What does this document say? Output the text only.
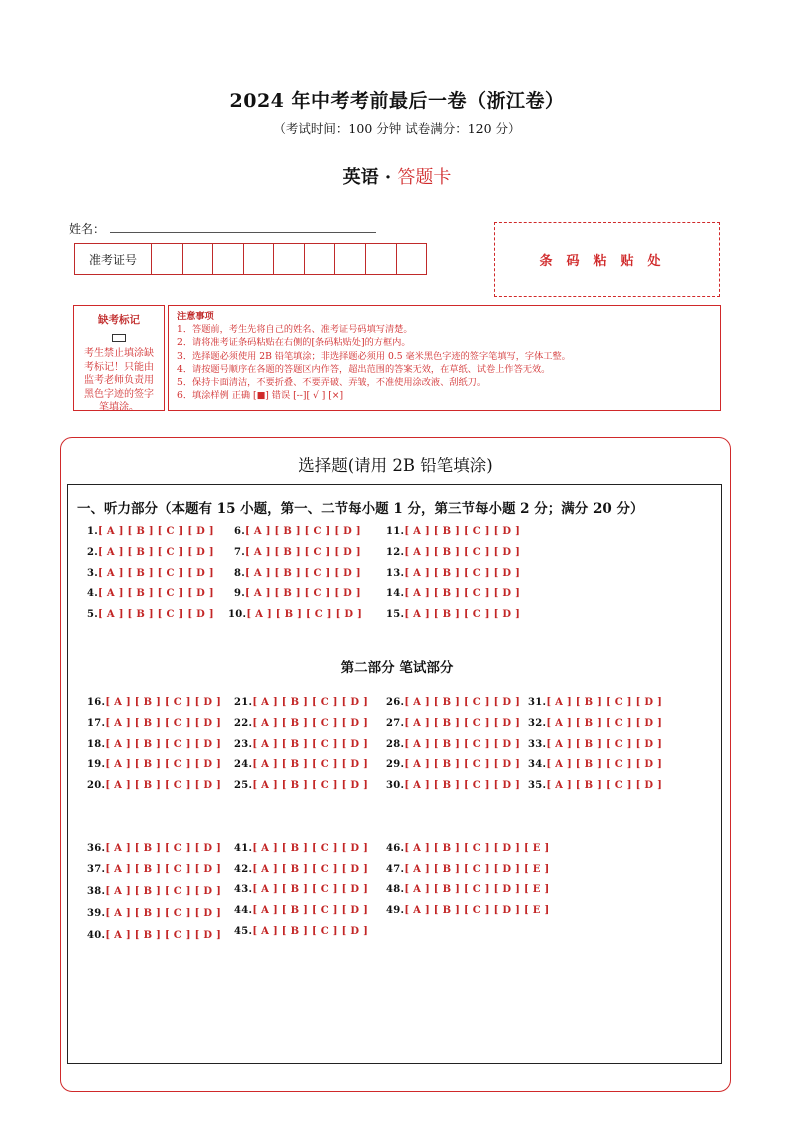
2024 年中考考前最后一卷（浙江卷）
（考试时间：100 分钟 试卷满分：120 分）
英语 · 答题卡
姓名：
准考证号	条码粘贴处
缺考标记
考生禁止填涂缺考标记！只能由监考老师负责用黑色字迹的签字笔填涂。
注意事项
1．答题前，考生先将自己的姓名、准考证号码填写清楚。
2．请将准考证条码粘贴在右侧的[条码粘贴处]的方框内。
3．选择题必须使用 2B 铅笔填涂；非选择题必须用 0.5 毫米黑色字迹的签字笔填写，字体工整。
4．请按题号顺序在各题的答题区内作答，超出范围的答案无效，在草纸、试卷上作答无效。
5．保持卡面清洁，不要折叠、不要弄破、弄皱，不准使用涂改液、刮纸刀。
6．填涂样例 正确 [■] 错误 [--][ √ ] [×]
选择题(请用 2B 铅笔填涂)
一、听力部分（本题有 15 小题，第一、二节每小题 1 分，第三节每小题 2 分；满分 20 分）
第二部分 笔试部分
1.[ A ] [ B ] [ C ] [ D ]
2.[ A ] [ B ] [ C ] [ D ]
3.[ A ] [ B ] [ C ] [ D ]
4.[ A ] [ B ] [ C ] [ D ]
5.[ A ] [ B ] [ C ] [ D ]
6.[ A ] [ B ] [ C ] [ D ]
7.[ A ] [ B ] [ C ] [ D ]
8.[ A ] [ B ] [ C ] [ D ]
9.[ A ] [ B ] [ C ] [ D ]
10.[ A ] [ B ] [ C ] [ D ]
11.[ A ] [ B ] [ C ] [ D ]
12.[ A ] [ B ] [ C ] [ D ]
13.[ A ] [ B ] [ C ] [ D ]
14.[ A ] [ B ] [ C ] [ D ]
15.[ A ] [ B ] [ C ] [ D ]
16.[ A ] [ B ] [ C ] [ D ]
17.[ A ] [ B ] [ C ] [ D ]
18.[ A ] [ B ] [ C ] [ D ]
19.[ A ] [ B ] [ C ] [ D ]
20.[ A ] [ B ] [ C ] [ D ]
21.[ A ] [ B ] [ C ] [ D ]
22.[ A ] [ B ] [ C ] [ D ]
23.[ A ] [ B ] [ C ] [ D ]
24.[ A ] [ B ] [ C ] [ D ]
25.[ A ] [ B ] [ C ] [ D ]
26.[ A ] [ B ] [ C ] [ D ]
27.[ A ] [ B ] [ C ] [ D ]
28.[ A ] [ B ] [ C ] [ D ]
29.[ A ] [ B ] [ C ] [ D ]
30.[ A ] [ B ] [ C ] [ D ]
31.[ A ] [ B ] [ C ] [ D ]
32.[ A ] [ B ] [ C ] [ D ]
33.[ A ] [ B ] [ C ] [ D ]
34.[ A ] [ B ] [ C ] [ D ]
35.[ A ] [ B ] [ C ] [ D ]
36.[ A ] [ B ] [ C ] [ D ]
37.[ A ] [ B ] [ C ] [ D ]
38.[ A ] [ B ] [ C ] [ D ]
39.[ A ] [ B ] [ C ] [ D ]
40.[ A ] [ B ] [ C ] [ D ]
41.[ A ] [ B ] [ C ] [ D ]
42.[ A ] [ B ] [ C ] [ D ]
43.[ A ] [ B ] [ C ] [ D ]
44.[ A ] [ B ] [ C ] [ D ]
45.[ A ] [ B ] [ C ] [ D ]
46.[ A ] [ B ] [ C ] [ D ] [ E ]
47.[ A ] [ B ] [ C ] [ D ] [ E ]
48.[ A ] [ B ] [ C ] [ D ] [ E ]
49.[ A ] [ B ] [ C ] [ D ] [ E ]
